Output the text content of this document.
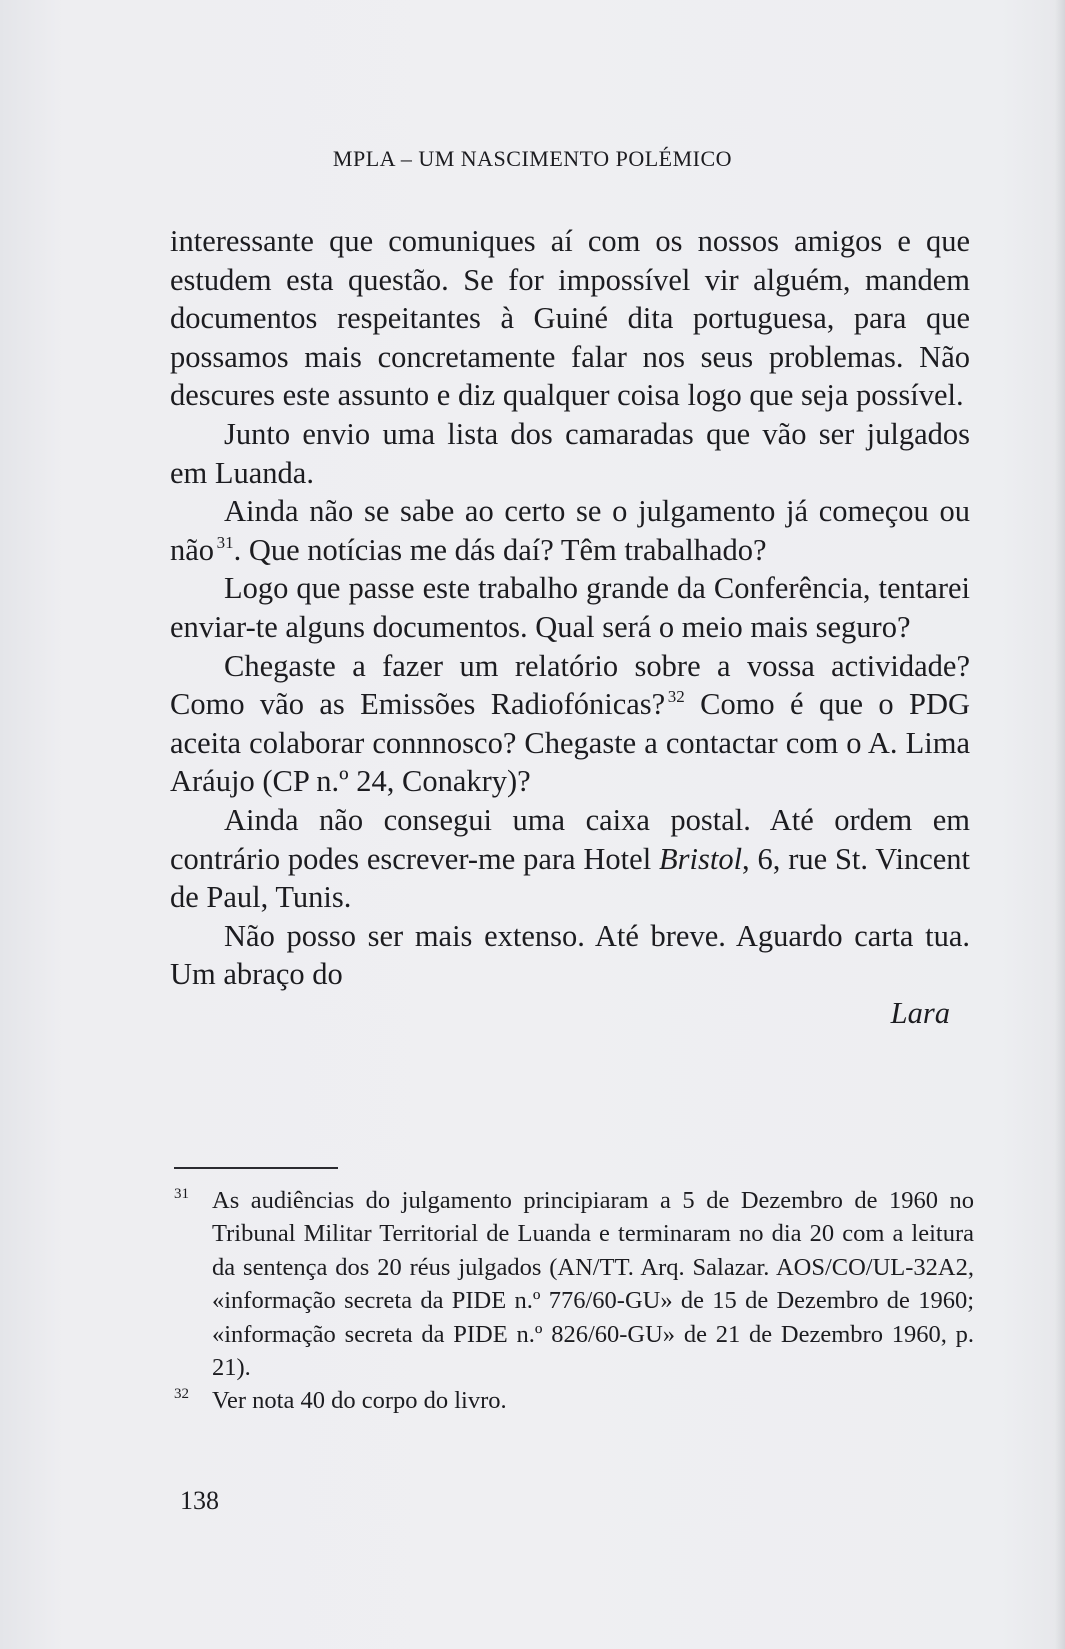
MPLA – UM NASCIMENTO POLÉMICO

interessante que comuniques aí com os nossos amigos e que estudem esta questão. Se for impossível vir alguém, mandem documentos respeitantes à Guiné dita portuguesa, para que possamos mais concretamente falar nos seus problemas. Não descures este assunto e diz qualquer coisa logo que seja possível.

Junto envio uma lista dos camaradas que vão ser julgados em Luanda.

Ainda não se sabe ao certo se o julgamento já começou ou não  $^{31}$. Que notícias me dás daí? Têm trabalhado?

Logo que passe este trabalho grande da Conferência, tentarei enviar-te alguns documentos. Qual será o meio mais seguro?

Chegaste a fazer um relatório sobre a vossa actividade? Como vão as Emissões Radiofónicas?  $^{32}$ Como é que o PDG aceita colaborar connnosco? Chegaste a contactar com o A. Lima Aráujo (CP n.º 24, Conakry)?

Ainda não consegui uma caixa postal. Até ordem em contrário podes escrever-me para Hotel Bristol, 6, rue St. Vincent de Paul, Tunis.

Não posso ser mais extenso. Até breve. Aguardo carta tua. Um abraço do

Lara

31 As audiências do julgamento principiaram a 5 de Dezembro de 1960 no Tribunal Militar Territorial de Luanda e terminaram no dia 20 com a leitura da sentença dos 20 réus julgados (AN/TT. Arq. Salazar. AOS/CO/UL-32A2, «informação secreta da PIDE n.º 776/60-GU» de 15 de Dezembro de 1960; «informação secreta da PIDE n.º 826/60-GU» de 21 de Dezembro 1960, p. 21).
32 Ver nota 40 do corpo do livro.
138
